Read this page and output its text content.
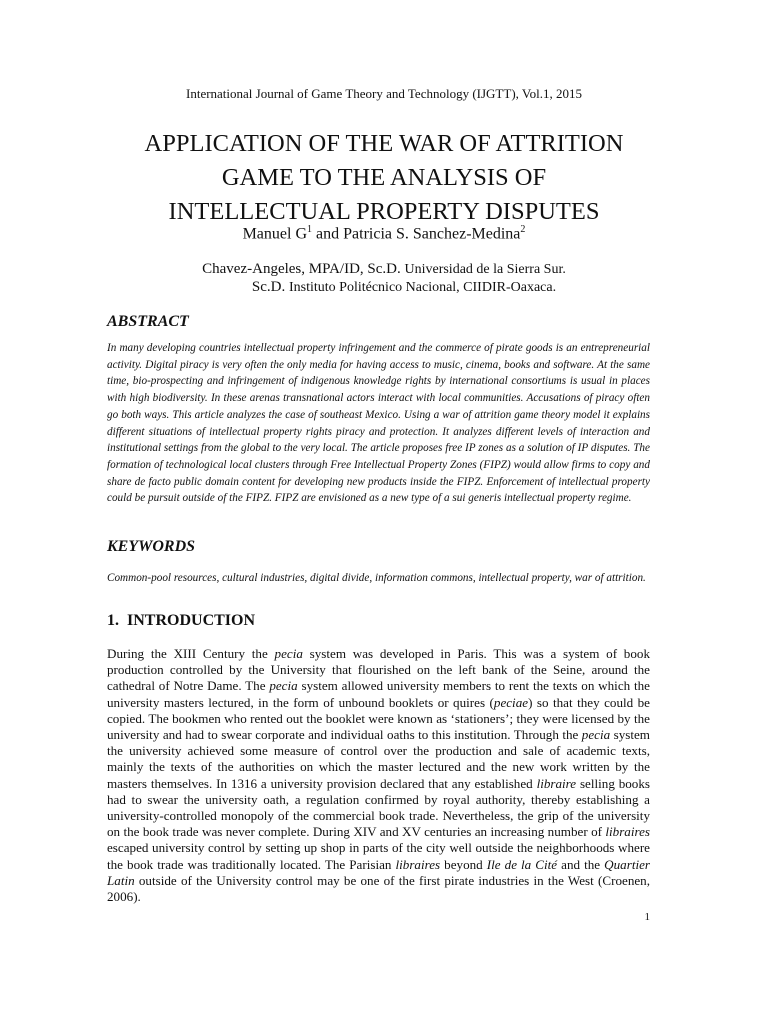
International Journal of Game Theory and Technology (IJGTT), Vol.1, 2015
APPLICATION OF THE WAR OF ATTRITION
GAME TO THE ANALYSIS OF
INTELLECTUAL PROPERTY DISPUTES
Manuel $G^1$ and Patricia S. Sanchez-Medina$^2$
Chavez-Angeles, MPA/ID, Sc.D. Universidad de la Sierra Sur.
Sc.D. Instituto Politécnico Nacional, CIIDIR-Oaxaca.
ABSTRACT

In many developing countries intellectual property infringement and the commerce of pirate goods is an entrepreneurial activity. Digital piracy is very often the only media for having access to music, cinema, books and software. At the same time, bio-prospecting and infringement of indigenous knowledge rights by international consortiums is usual in places with high biodiversity. In these arenas transnational actors interact with local communities. Accusations of piracy often go both ways. This article analyzes the case of southeast Mexico. Using a war of attrition game theory model it explains different situations of intellectual property rights piracy and protection. It analyzes different levels of interaction and institutional settings from the global to the very local. The article proposes free IP zones as a solution of IP disputes. The formation of technological local clusters through Free Intellectual Property Zones (FIPZ) would allow firms to copy and share de facto public domain content for developing new products inside the FIPZ. Enforcement of intellectual property could be pursuit outside of the FIPZ. FIPZ are envisioned as a new type of a sui generis intellectual property regime.

KEYWORDS

Common-pool resources, cultural industries, digital divide, information commons, intellectual property, war of attrition.

1.  INTRODUCTION

During the XIII Century the pecia system was developed in Paris. This was a system of book production controlled by the University that flourished on the left bank of the Seine, around the cathedral of Notre Dame. The pecia system allowed university members to rent the texts on which the university masters lectured, in the form of unbound booklets or quires (peciae) so that they could be copied. The bookmen who rented out the booklet were known as ‘stationers’; they were licensed by the university and had to swear corporate and individual oaths to this institution. Through the pecia system the university achieved some measure of control over the production and sale of academic texts, mainly the texts of the authorities on which the master lectured and the new work written by the masters themselves. In 1316 a university provision declared that any established libraire selling books had to swear the university oath, a regulation confirmed by royal authority, thereby establishing a university-controlled monopoly of the commercial book trade. Nevertheless, the grip of the university on the book trade was never complete. During XIV and XV centuries an increasing number of libraires escaped university control by setting up shop in parts of the city well outside the neighborhoods where the book trade was traditionally located. The Parisian libraires beyond Ile de la Cité and the Quartier Latin outside of the University control may be one of the first pirate industries in the West (Croenen, 2006).

1
